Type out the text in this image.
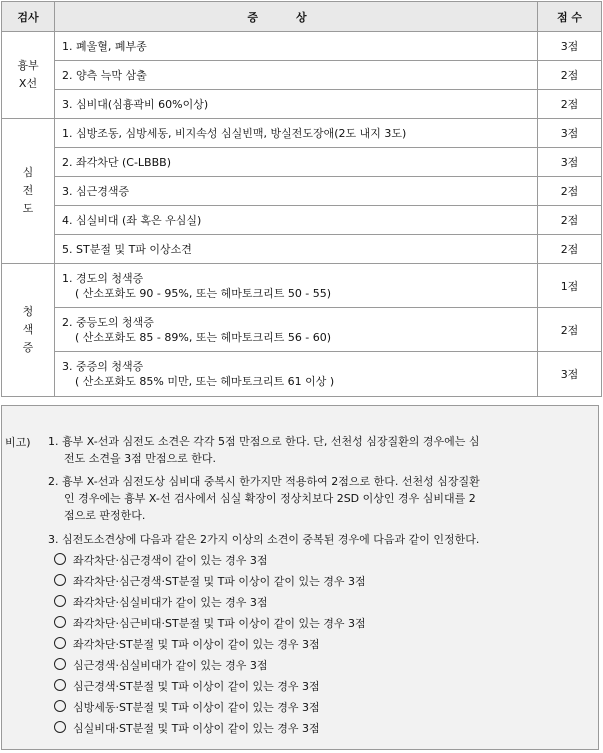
검사	증상	점 수

흉부
X선	1. 폐울혈, 폐부종	3점
	2. 양측 늑막 삼출	2점
	3. 심비대(심흉곽비 60%이상)	2점

심
전
도	1. 심방조동, 심방세동, 비지속성 심실빈맥, 방실전도장애(2도 내지 3도)	3점
	2. 좌각차단 (C-LBBB)	3점
	3. 심근경색증	2점
	4. 심실비대 (좌 혹은 우심실)	2점
	5. ST분절 및 T파 이상소견	2점

청
색
증	1. 경도의 청색증
( 산소포화도 90 - 95%, 또는 헤마토크리트 50 - 55)	1점

	2. 중등도의 청색증
( 산소포화도 85 - 89%, 또는 헤마토크리트 56 - 60)	2점

	3. 중증의 청색증
( 산소포화도 85% 미만, 또는 헤마토크리트 61 이상 )	3점
비고) 1. 흉부 X-선과 심전도 소견은 각각 5점 만점으로 한다. 단, 선천성 심장질환의 경우에는 심
전도 소견을 3점 만점으로 한다.
2. 흉부 X-선과 심전도상 심비대 중복시 한가지만 적용하여 2점으로 한다. 선천성 심장질환
인 경우에는 흉부 X-선 검사에서 심실 확장이 정상치보다 2SD 이상인 경우 심비대를 2
점으로 판정한다.
3. 심전도소견상에 다음과 같은 2가지 이상의 소견이 중복된 경우에 다음과 같이 인정한다.
좌각차단·심근경색이 같이 있는 경우 3점
좌각차단·심근경색·ST분절 및 T파 이상이 같이 있는 경우 3점
좌각차단·심실비대가 같이 있는 경우 3점
좌각차단·심근비대·ST분절 및 T파 이상이 같이 있는 경우 3점
좌각차단·ST분절 및 T파 이상이 같이 있는 경우 3점
심근경색·심실비대가 같이 있는 경우 3점
심근경색·ST분절 및 T파 이상이 같이 있는 경우 3점
심방세동·ST분절 및 T파 이상이 같이 있는 경우 3점
심실비대·ST분절 및 T파 이상이 같이 있는 경우 3점
